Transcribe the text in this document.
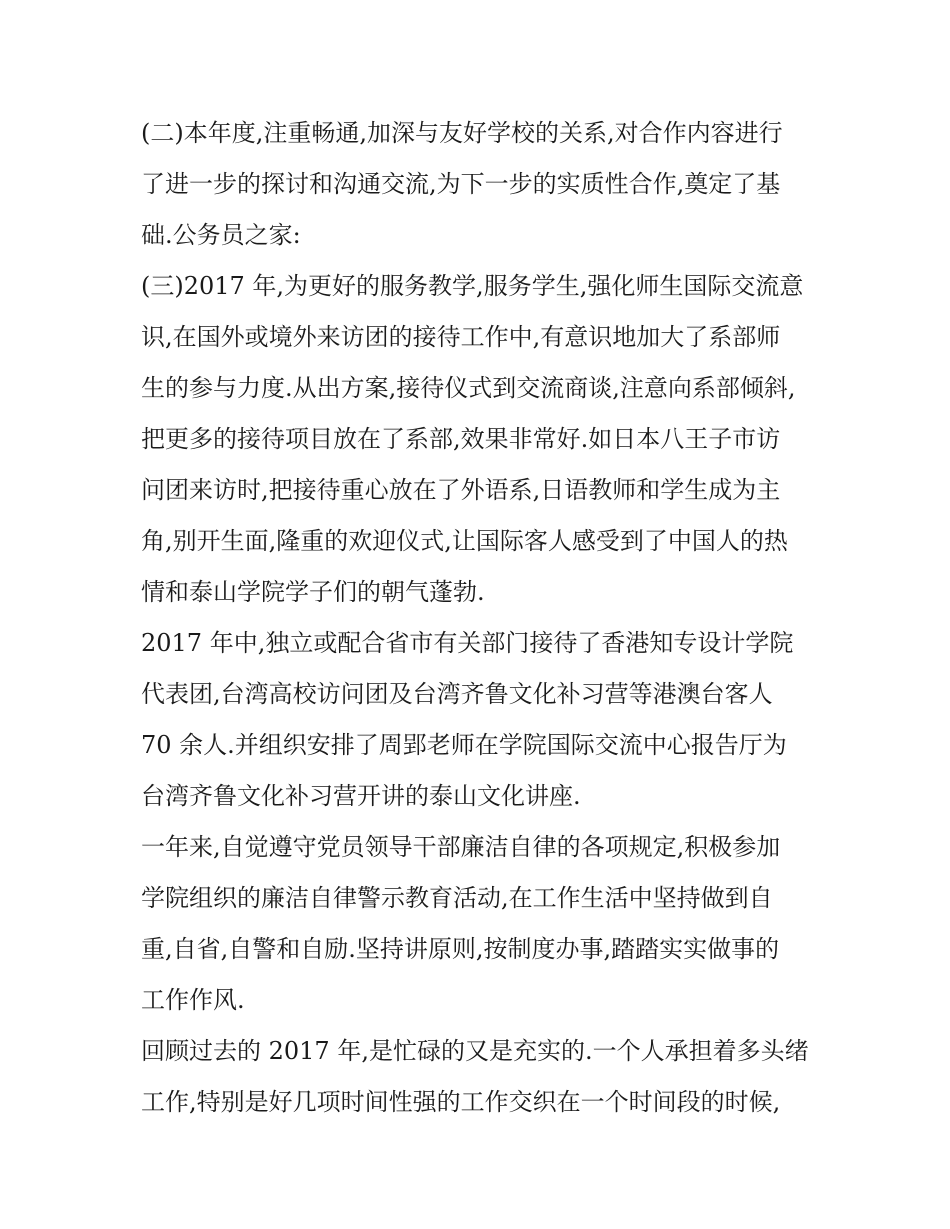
(二)本年度,注重畅通,加深与友好学校的关系,对合作内容进行
了进一步的探讨和沟通交流,为下一步的实质性合作,奠定了基
础.公务员之家:
(三)2017 年,为更好的服务教学,服务学生,强化师生国际交流意
识,在国外或境外来访团的接待工作中,有意识地加大了系部师
生的参与力度.从出方案,接待仪式到交流商谈,注意向系部倾斜,
把更多的接待项目放在了系部,效果非常好.如日本八王子市访
问团来访时,把接待重心放在了外语系,日语教师和学生成为主
角,别开生面,隆重的欢迎仪式,让国际客人感受到了中国人的热
情和泰山学院学子们的朝气蓬勃.
2017 年中,独立或配合省市有关部门接待了香港知专设计学院
代表团,台湾高校访问团及台湾齐鲁文化补习营等港澳台客人
70 余人.并组织安排了周郢老师在学院国际交流中心报告厅为
台湾齐鲁文化补习营开讲的泰山文化讲座.
一年来,自觉遵守党员领导干部廉洁自律的各项规定,积极参加
学院组织的廉洁自律警示教育活动,在工作生活中坚持做到自
重,自省,自警和自励.坚持讲原则,按制度办事,踏踏实实做事的
工作作风.
回顾过去的 2017 年,是忙碌的又是充实的.一个人承担着多头绪
工作,特别是好几项时间性强的工作交织在一个时间段的时候,
